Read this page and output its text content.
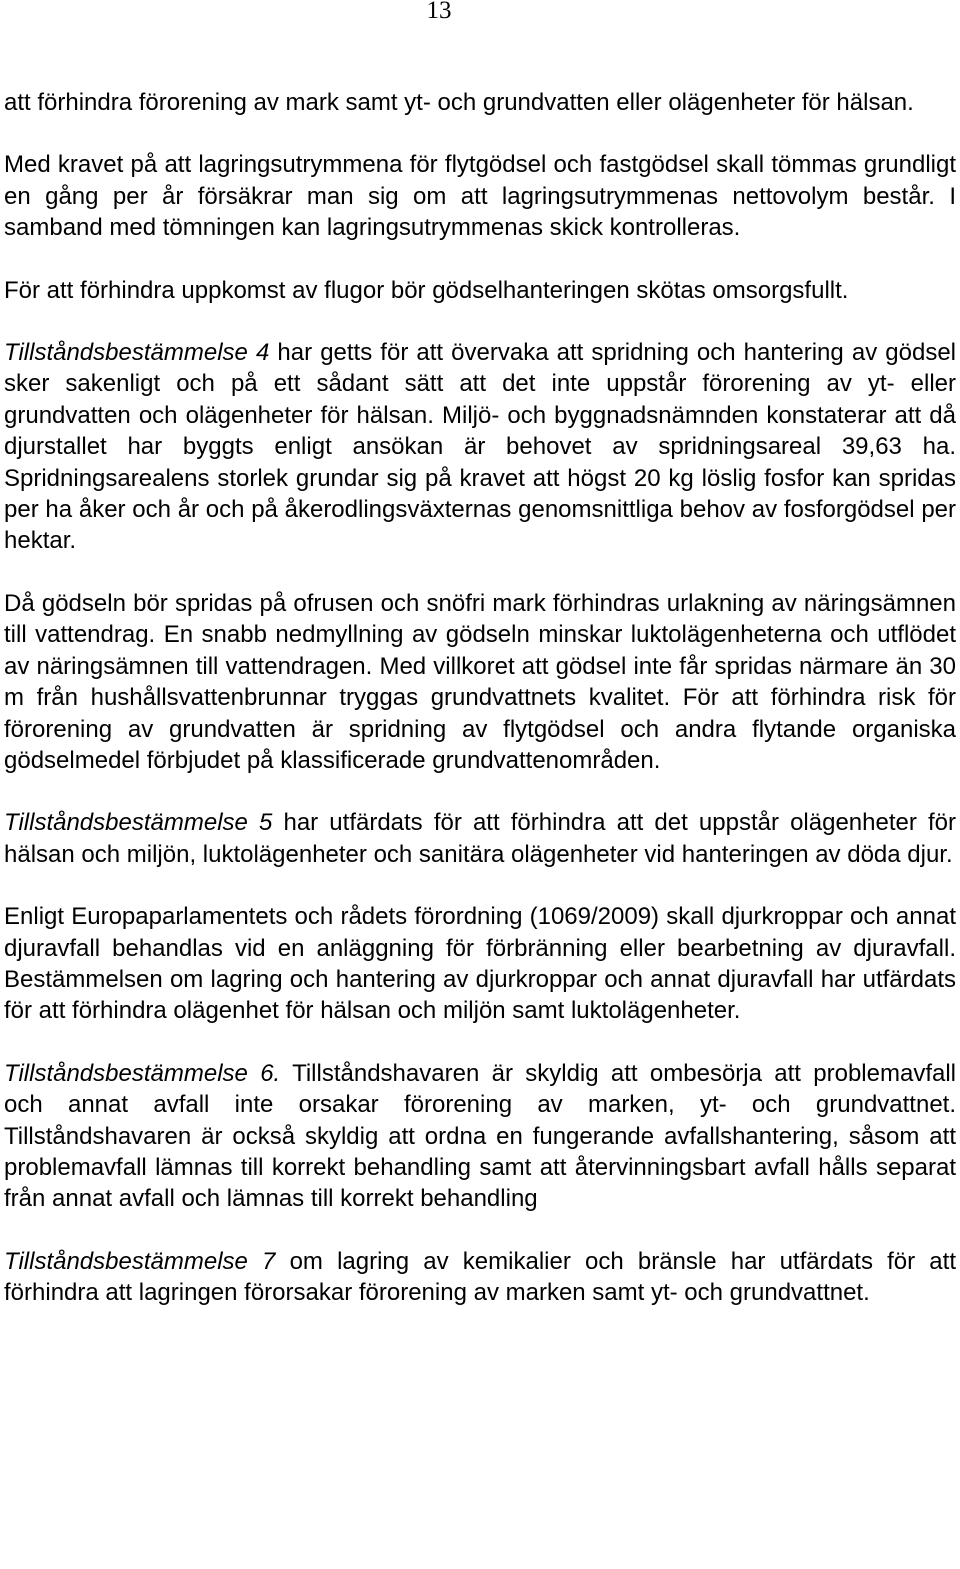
13

att förhindra förorening av mark samt yt- och grundvatten eller olägenheter för hälsan.

Med kravet på att lagringsutrymmena för flytgödsel och fastgödsel skall tömmas grundligt en gång per år försäkrar man sig om att lagringsutrymmenas nettovolym består. I samband med tömningen kan lagringsutrymmenas skick kontrolleras.

För att förhindra uppkomst av flugor bör gödselhanteringen skötas omsorgsfullt.

Tillståndsbestämmelse 4 har getts för att övervaka att spridning och hantering av gödsel sker sakenligt och på ett sådant sätt att det inte uppstår förorening av yt- eller grundvatten och olägenheter för hälsan. Miljö- och byggnadsnämnden konstaterar att då djurstallet har byggts enligt ansökan är behovet av spridningsareal 39,63 ha. Spridningsarealens storlek grundar sig på kravet att högst 20 kg löslig fosfor kan spridas per ha åker och år och på åkerodlingsväxternas genomsnittliga behov av fosforgödsel per hektar.

Då gödseln bör spridas på ofrusen och snöfri mark förhindras urlakning av näringsämnen till vattendrag. En snabb nedmyllning av gödseln minskar luktolägenheterna och utflödet av näringsämnen till vattendragen. Med villkoret att gödsel inte får spridas närmare än 30 m från hushållsvattenbrunnar tryggas grundvattnets kvalitet. För att förhindra risk för förorening av grundvatten är spridning av flytgödsel och andra flytande organiska gödselmedel förbjudet på klassificerade grundvattenområden.

Tillståndsbestämmelse 5 har utfärdats för att förhindra att det uppstår olägenheter för hälsan och miljön, luktolägenheter och sanitära olägenheter vid hanteringen av döda djur.

Enligt Europaparlamentets och rådets förordning (1069/2009) skall djurkroppar och annat djuravfall behandlas vid en anläggning för förbränning eller bearbetning av djuravfall. Bestämmelsen om lagring och hantering av djurkroppar och annat djuravfall har utfärdats för att förhindra olägenhet för hälsan och miljön samt luktolägenheter.

Tillståndsbestämmelse 6. Tillståndshavaren är skyldig att ombesörja att problemavfall och annat avfall inte orsakar förorening av marken, yt- och grundvattnet. Tillståndshavaren är också skyldig att ordna en fungerande avfallshantering, såsom att problemavfall lämnas till korrekt behandling samt att återvinningsbart avfall hålls separat från annat avfall och lämnas till korrekt behandling

Tillståndsbestämmelse 7 om lagring av kemikalier och bränsle har utfärdats för att förhindra att lagringen förorsakar förorening av marken samt yt- och grundvattnet.
